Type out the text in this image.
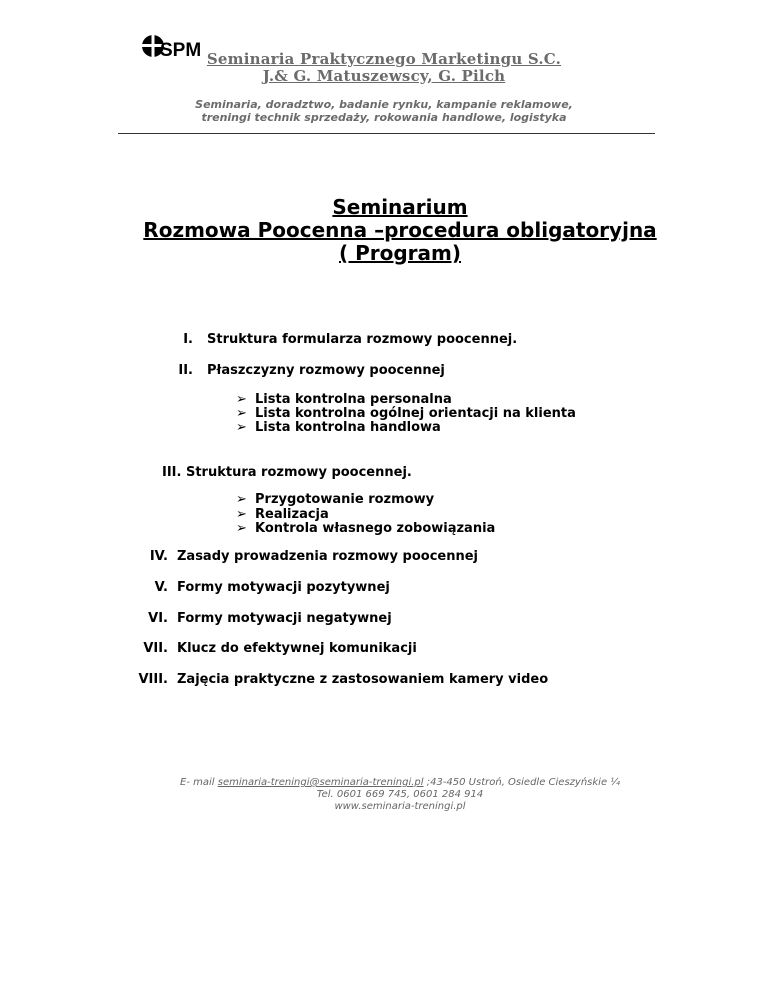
SPM Seminaria Praktycznego Marketingu S.C.
J.& G. Matuszewscy, G. Pilch
Seminaria, doradztwo, badanie rynku, kampanie reklamowe,
treningi technik sprzedaży, rokowania handlowe, logistyka
Seminarium
Rozmowa Poocenna –procedura obligatoryjna
( Program)
I. Struktura formularza rozmowy poocennej.
II. Płaszczyzny rozmowy poocennej
➢ Lista kontrolna personalna
➢ Lista kontrolna ogólnej orientacji na klienta
➢ Lista kontrolna handlowa
III. Struktura rozmowy poocennej.
➢ Przygotowanie rozmowy
➢ Realizacja
➢ Kontrola własnego zobowiązania
IV. Zasady prowadzenia rozmowy poocennej
V. Formy motywacji pozytywnej
VI. Formy motywacji negatywnej
VII. Klucz do efektywnej komunikacji
VIII. Zajęcia praktyczne z zastosowaniem kamery video
E- mail seminaria-treningi@seminaria-treningi.pl ;43-450 Ustroń, Osiedle Cieszyńskie ¼
Tel. 0601 669 745, 0601 284 914
www.seminaria-treningi.pl
